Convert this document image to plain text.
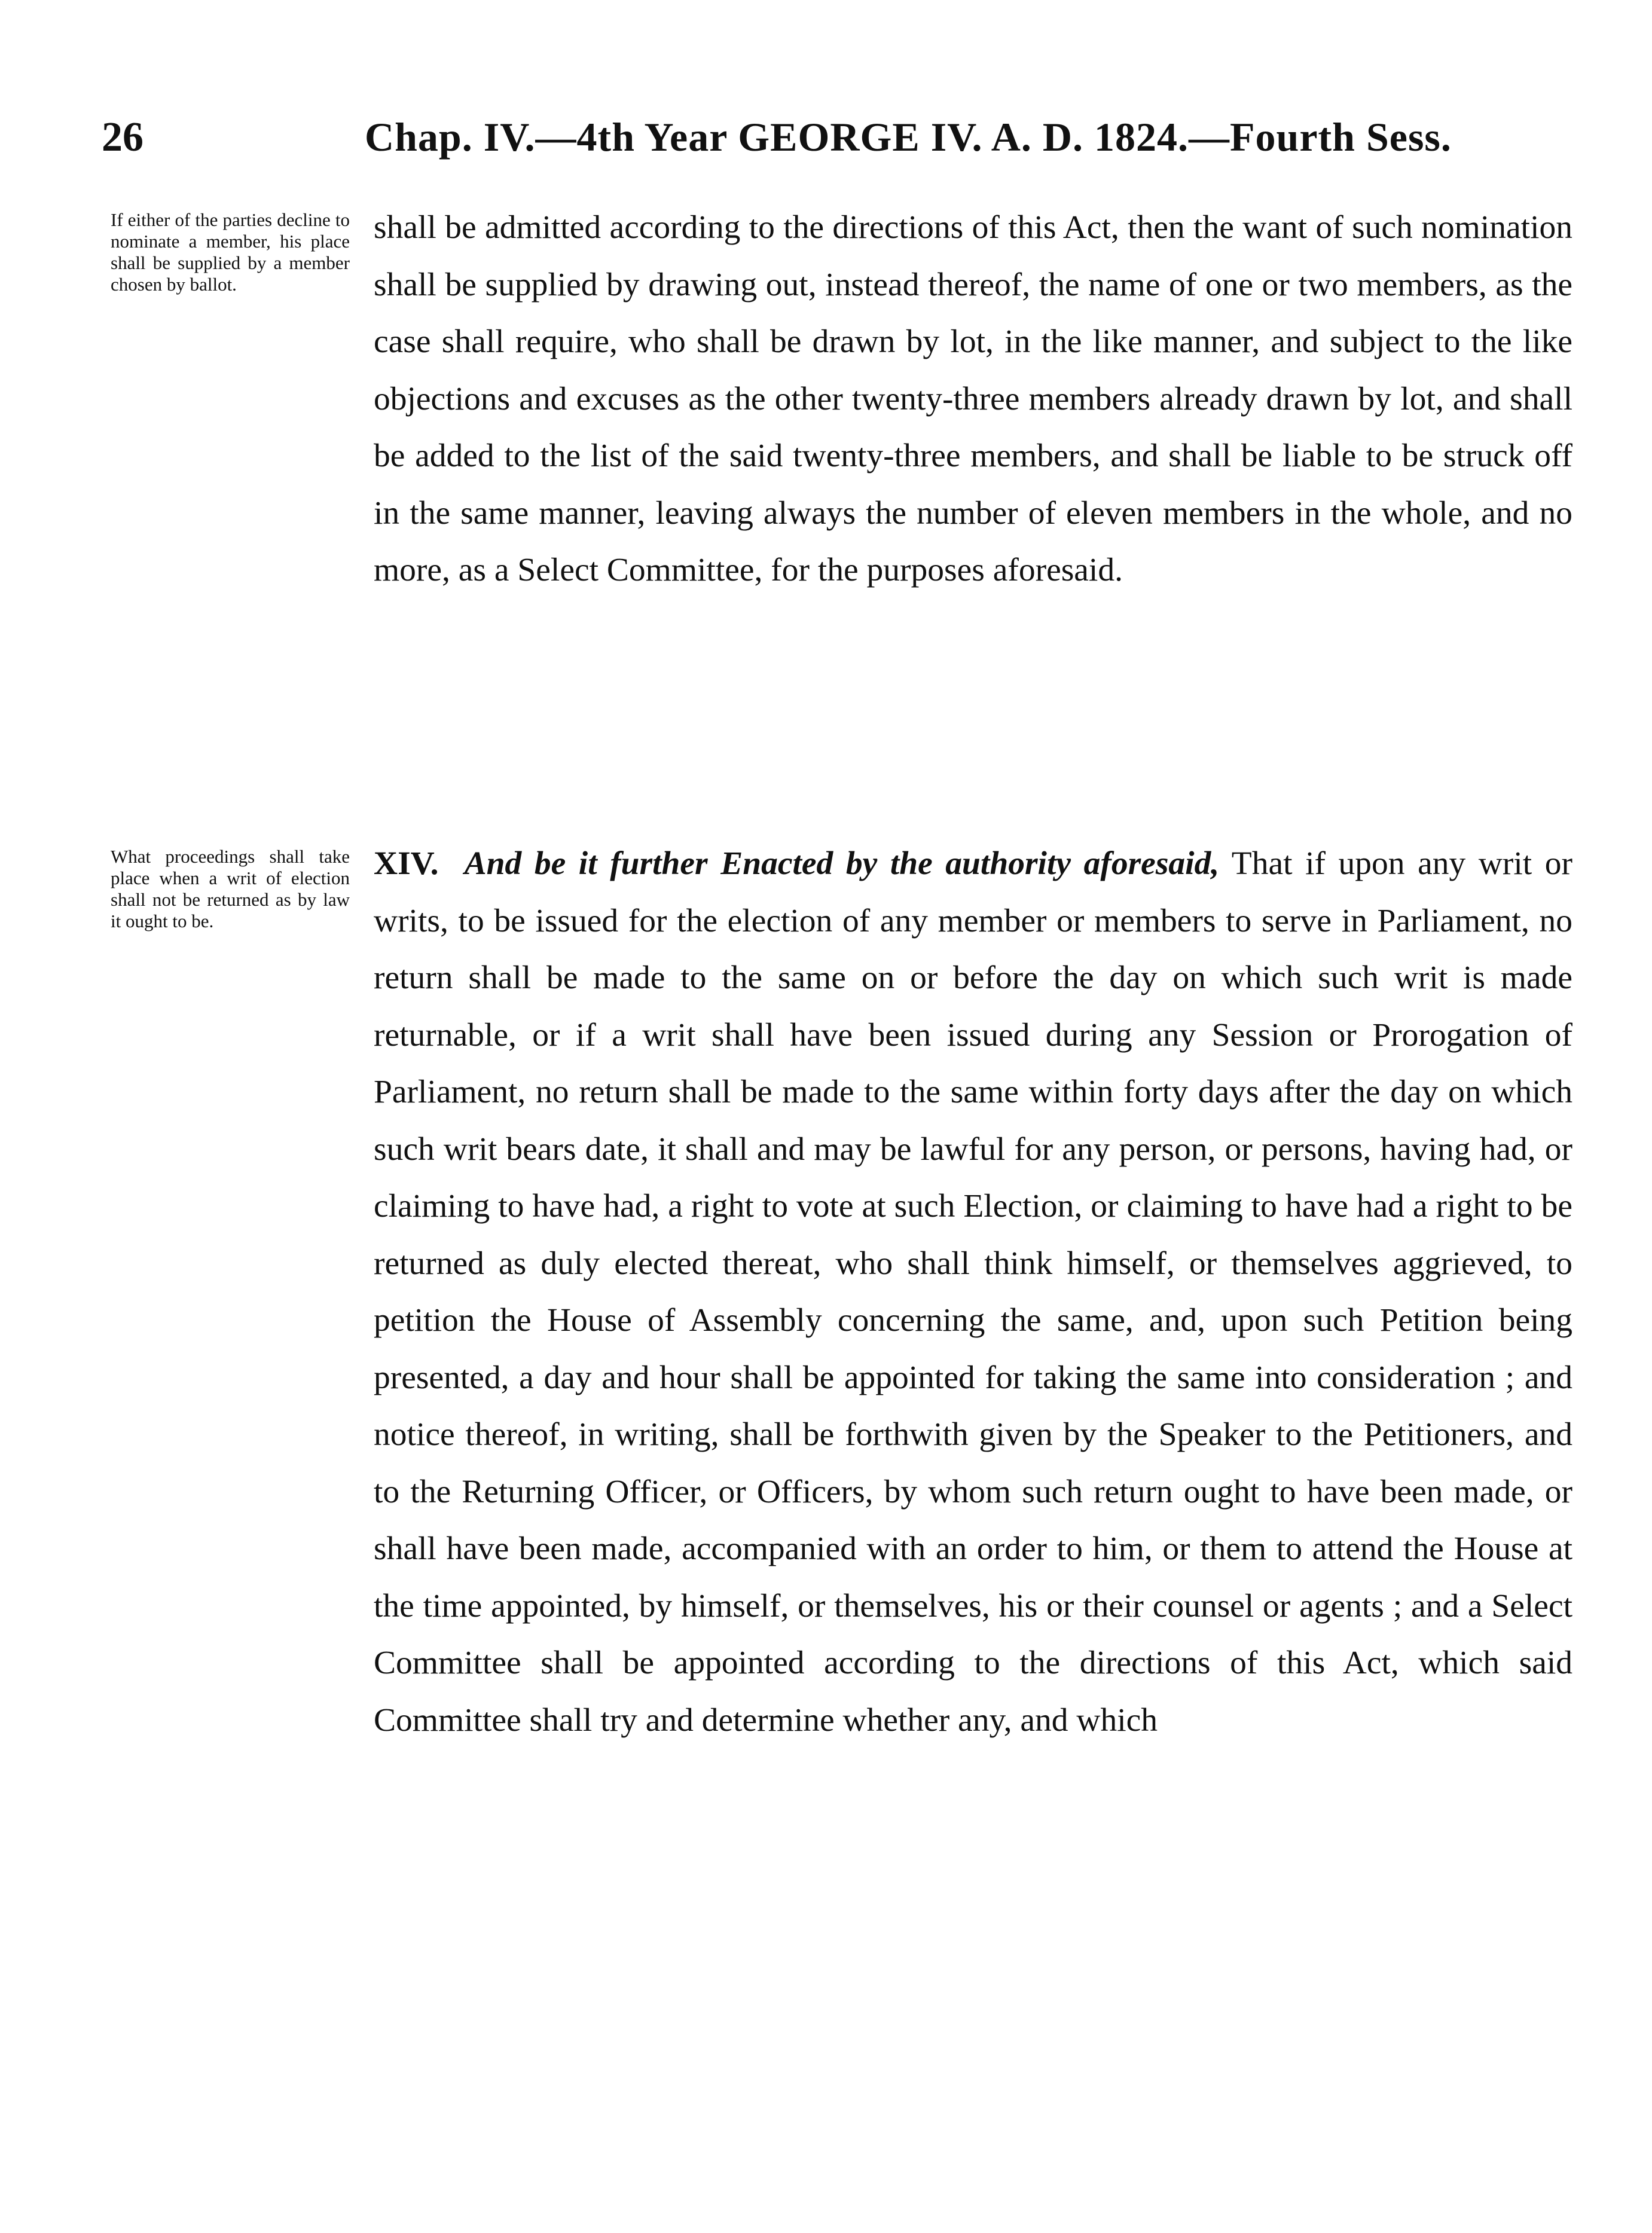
26	Chap. IV.—4th Year GEORGE IV. A. D. 1824.—Fourth Sess.
If either of the parties decline to nominate a member, his place shall be supplied by a member chosen by ballot.

shall be admitted according to the directions of this Act, then the want of such nomination shall be supplied by drawing out, instead thereof, the name of one or two members, as the case shall require, who shall be drawn by lot, in the like manner, and subject to the like objections and excuses as the other twenty-three members already drawn by lot, and shall be added to the list of the said twenty-three members, and shall be liable to be struck off in the same manner, leaving always the number of eleven members in the whole, and no more, as a Select Committee, for the purposes aforesaid.

What proceedings shall take place when a writ of election shall not be returned as by law it ought to be.

XIV. And be it further Enacted by the authority aforesaid, That if upon any writ or writs, to be issued for the election of any member or members to serve in Parliament, no return shall be made to the same on or before the day on which such writ is made returnable, or if a writ shall have been issued during any Session or Prorogation of Parliament, no return shall be made to the same within forty days after the day on which such writ bears date, it shall and may be lawful for any person, or persons, having had, or claiming to have had, a right to vote at such Election, or claiming to have had a right to be returned as duly elected thereat, who shall think himself, or themselves aggrieved, to petition the House of Assembly concerning the same, and, upon such Petition being presented, a day and hour shall be appointed for taking the same into consideration ; and notice thereof, in writing, shall be forthwith given by the Speaker to the Petitioners, and to the Returning Officer, or Officers, by whom such return ought to have been made, or shall have been made, accompanied with an order to him, or them to attend the House at the time appointed, by himself, or themselves, his or their counsel or agents ; and a Select Committee shall be appointed according to the directions of this Act, which said Committee shall try and determine whether any, and which
